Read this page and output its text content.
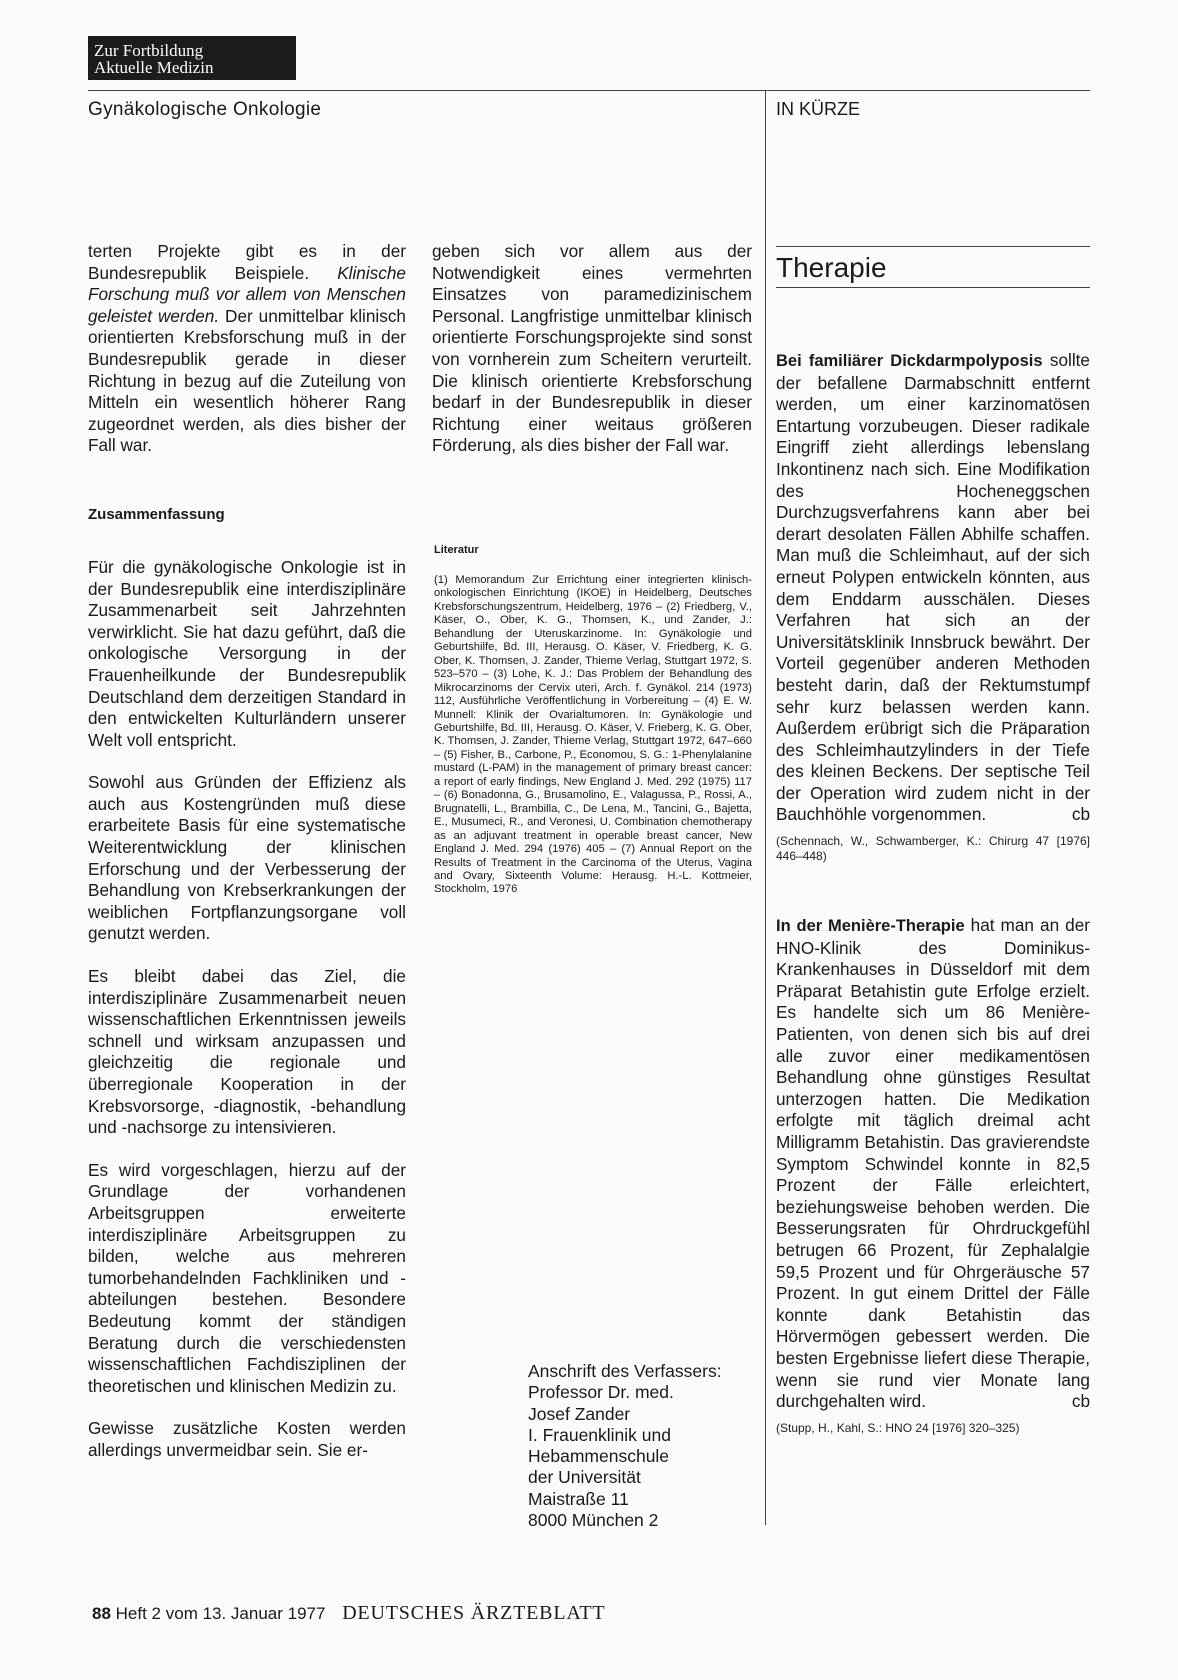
Zur Fortbildung
Aktuelle Medizin
Gynäkologische Onkologie	IN KÜRZE

terten Projekte gibt es in der Bundesrepublik Beispiele. Klinische Forschung muß vor allem von Menschen geleistet werden. Der unmittelbar klinisch orientierten Krebsforschung muß in der Bundesrepublik gerade in dieser Richtung in bezug auf die Zuteilung von Mitteln ein wesentlich höherer Rang zugeordnet werden, als dies bisher der Fall war.

Zusammenfassung

Für die gynäkologische Onkologie ist in der Bundesrepublik eine interdisziplinäre Zusammenarbeit seit Jahrzehnten verwirklicht. Sie hat dazu geführt, daß die onkologische Versorgung in der Frauenheilkunde der Bundesrepublik Deutschland dem derzeitigen Standard in den entwickelten Kulturländern unserer Welt voll entspricht.

Sowohl aus Gründen der Effizienz als auch aus Kostengründen muß diese erarbeitete Basis für eine systematische Weiterentwicklung der klinischen Erforschung und der Verbesserung der Behandlung von Krebserkrankungen der weiblichen Fortpflanzungsorgane voll genutzt werden.

Es bleibt dabei das Ziel, die interdisziplinäre Zusammenarbeit neuen wissenschaftlichen Erkenntnissen jeweils schnell und wirksam anzupassen und gleichzeitig die regionale und überregionale Kooperation in der Krebsvorsorge, -diagnostik, -behandlung und -nachsorge zu intensivieren.

Es wird vorgeschlagen, hierzu auf der Grundlage der vorhandenen Arbeitsgruppen erweiterte interdisziplinäre Arbeitsgruppen zu bilden, welche aus mehreren tumorbehandelnden Fachkliniken und -abteilungen bestehen. Besondere Bedeutung kommt der ständigen Beratung durch die verschiedensten wissenschaftlichen Fachdisziplinen der theoretischen und klinischen Medizin zu.

Gewisse zusätzliche Kosten werden allerdings unvermeidbar sein. Sie er-

geben sich vor allem aus der Notwendigkeit eines vermehrten Einsatzes von paramedizinischem Personal. Langfristige unmittelbar klinisch orientierte Forschungsprojekte sind sonst von vornherein zum Scheitern verurteilt. Die klinisch orientierte Krebsforschung bedarf in der Bundesrepublik in dieser Richtung einer weitaus größeren Förderung, als dies bisher der Fall war.

Literatur
(1) Memorandum Zur Errichtung einer integrierten klinisch-onkologischen Einrichtung (IKOE) in Heidelberg, Deutsches Krebsforschungszentrum, Heidelberg, 1976 – (2) Friedberg, V., Käser, O., Ober, K. G., Thomsen, K., und Zander, J.: Behandlung der Uteruskarzinome. In: Gynäkologie und Geburtshilfe, Bd. III, Herausg. O. Käser, V. Friedberg, K. G. Ober, K. Thomsen, J. Zander, Thieme Verlag, Stuttgart 1972, S. 523–570 – (3) Lohe, K. J.: Das Problem der Behandlung des Mikrocarzinoms der Cervix uteri, Arch. f. Gynäkol. 214 (1973) 112, Ausführliche Veröffentlichung in Vorbereitung – (4) E. W. Munnell: Klinik der Ovarialtumoren. In: Gynäkologie und Geburtshilfe, Bd. III, Herausg. O. Käser, V. Frieberg, K. G. Ober, K. Thomsen, J. Zander, Thieme Verlag, Stuttgart 1972, 647–660 – (5) Fisher, B., Carbone, P., Economou, S. G.: 1-Phenylalanine mustard (L-PAM) in the management of primary breast cancer: a report of early findings, New England J. Med. 292 (1975) 117 – (6) Bonadonna, G., Brusamolino, E., Valagussa, P., Rossi, A., Brugnatelli, L., Brambilla, C., De Lena, M., Tancini, G., Bajetta, E., Musumeci, R., and Veronesi, U. Combination chemotherapy as an adjuvant treatment in operable breast cancer, New England J. Med. 294 (1976) 405 – (7) Annual Report on the Results of Treatment in the Carcinoma of the Uterus, Vagina and Ovary, Sixteenth Volume: Herausg. H.-L. Kottmeier, Stockholm, 1976
Anschrift des Verfassers:
Professor Dr. med.
Josef Zander
I. Frauenklinik und
Hebammenschule
der Universität
Maistraße 11
8000 München 2
Therapie

Bei familiärer Dickdarmpolyposis sollte der befallene Darmabschnitt entfernt werden, um einer karzinomatösen Entartung vorzubeugen. Dieser radikale Eingriff zieht allerdings lebenslang Inkontinenz nach sich. Eine Modifikation des Hocheneggschen Durchzugsverfahrens kann aber bei derart desolaten Fällen Abhilfe schaffen. Man muß die Schleimhaut, auf der sich erneut Polypen entwickeln könnten, aus dem Enddarm ausschälen. Dieses Verfahren hat sich an der Universitätsklinik Innsbruck bewährt. Der Vorteil gegenüber anderen Methoden besteht darin, daß der Rektumstumpf sehr kurz belassen werden kann. Außerdem erübrigt sich die Präparation des Schleimhautzylinders in der Tiefe des kleinen Beckens. Der septische Teil der Operation wird zudem nicht in der Bauchhöhle vorgenommen.	cb

(Schennach, W., Schwamberger, K.: Chirurg 47 [1976] 446–448)

In der Menière-Therapie hat man an der HNO-Klinik des Dominikus-Krankenhauses in Düsseldorf mit dem Präparat Betahistin gute Erfolge erzielt. Es handelte sich um 86 Menière-Patienten, von denen sich bis auf drei alle zuvor einer medikamentösen Behandlung ohne günstiges Resultat unterzogen hatten. Die Medikation erfolgte mit täglich dreimal acht Milligramm Betahistin. Das gravierendste Symptom Schwindel konnte in 82,5 Prozent der Fälle erleichtert, beziehungsweise behoben werden. Die Besserungsraten für Ohrdruckgefühl betrugen 66 Prozent, für Zephalalgie 59,5 Prozent und für Ohrgeräusche 57 Prozent. In gut einem Drittel der Fälle konnte dank Betahistin das Hörvermögen gebessert werden. Die besten Ergebnisse liefert diese Therapie, wenn sie rund vier Monate lang durchgehalten wird.	cb

(Stupp, H., Kahl, S.: HNO 24 [1976] 320–325)
88 Heft 2 vom 13. Januar 1977 DEUTSCHES ÄRZTEBLATT
